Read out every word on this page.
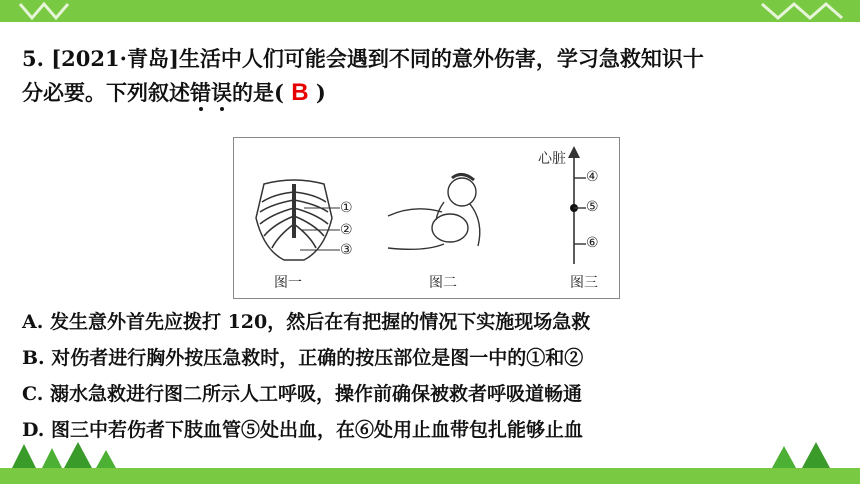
5. [2021·青岛]生活中人们可能会遇到不同的意外伤害，学习急救知识十
分必要。下列叙述错误的是( B )
①
②
③
图一	图二
心脏
④
⑤
⑥
图三
A. 发生意外首先应拨打 120，然后在有把握的情况下实施现场急救
B. 对伤者进行胸外按压急救时，正确的按压部位是图一中的①和②
C. 溺水急救进行图二所示人工呼吸，操作前确保被救者呼吸道畅通
D. 图三中若伤者下肢血管⑤处出血，在⑥处用止血带包扎能够止血
